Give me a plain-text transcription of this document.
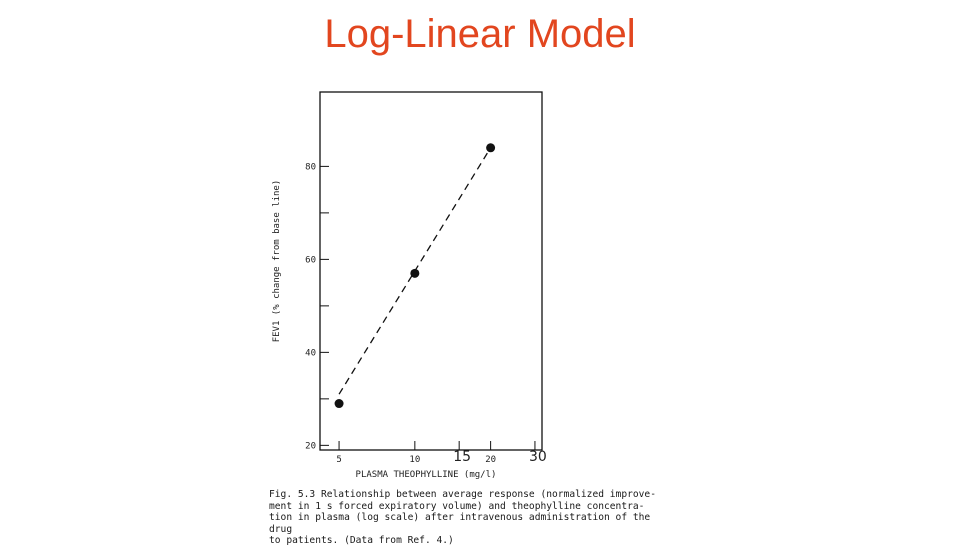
Log-Linear Model
20
40
60
80
5	10 15 20 30
PLASMA THEOPHYLLINE (mg/l)
FEV1 (% change from base line)

Fig. 5.3 Relationship between average response (normalized improve-
ment in 1 s forced expiratory volume) and theophylline concentra-
tion in plasma (log scale) after intravenous administration of the drug
to patients. (Data from Ref. 4.)
